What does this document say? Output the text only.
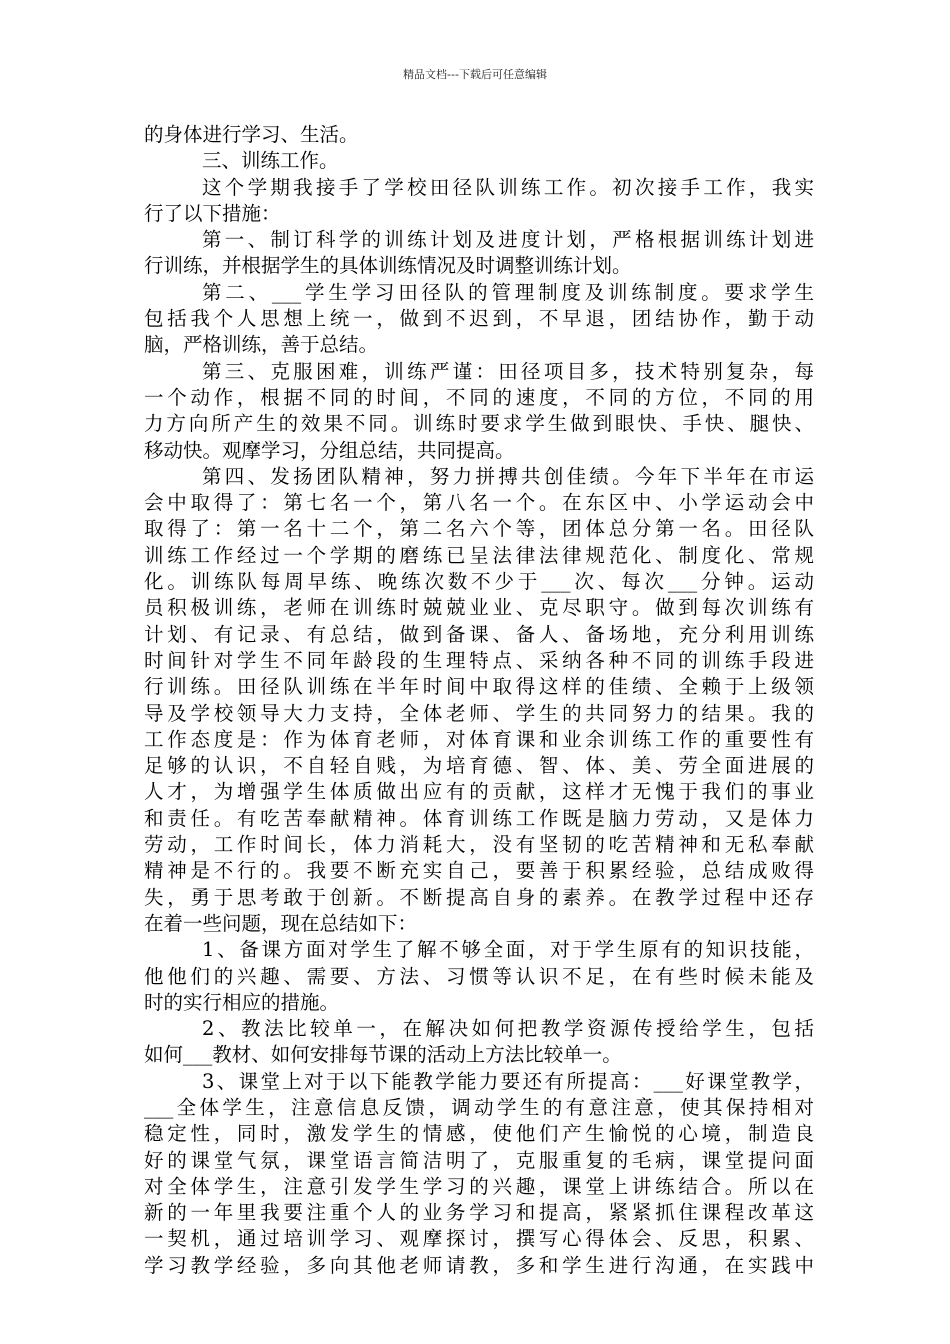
精品文档---下载后可任意编辑
的身体进行学习、生活。
三、训练工作。
这个学期我接手了学校田径队训练工作。初次接手工作，我实
行了以下措施：
第一、制订科学的训练计划及进度计划，严格根据训练计划进
行训练，并根据学生的具体训练情况及时调整训练计划。
第二、___学生学习田径队的管理制度及训练制度。要求学生
包括我个人思想上统一，做到不迟到，不早退，团结协作，勤于动
脑，严格训练，善于总结。
第三、克服困难，训练严谨：田径项目多，技术特别复杂，每
一个动作，根据不同的时间，不同的速度，不同的方位，不同的用
力方向所产生的效果不同。训练时要求学生做到眼快、手快、腿快、
移动快。观摩学习，分组总结，共同提高。
第四、发扬团队精神，努力拼搏共创佳绩。今年下半年在市运
会中取得了：第七名一个，第八名一个。在东区中、小学运动会中
取得了：第一名十二个，第二名六个等，团体总分第一名。田径队
训练工作经过一个学期的磨练已呈法律法律规范化、制度化、常规
化。训练队每周早练、晚练次数不少于___次、每次___分钟。运动
员积极训练，老师在训练时兢兢业业、克尽职守。做到每次训练有
计划、有记录、有总结，做到备课、备人、备场地，充分利用训练
时间针对学生不同年龄段的生理特点、采纳各种不同的训练手段进
行训练。田径队训练在半年时间中取得这样的佳绩、全赖于上级领
导及学校领导大力支持，全体老师、学生的共同努力的结果。我的
工作态度是：作为体育老师，对体育课和业余训练工作的重要性有
足够的认识，不自轻自贱，为培育德、智、体、美、劳全面进展的
人才，为增强学生体质做出应有的贡献，这样才无愧于我们的事业
和责任。有吃苦奉献精神。体育训练工作既是脑力劳动，又是体力
劳动，工作时间长，体力消耗大，没有坚韧的吃苦精神和无私奉献
精神是不行的。我要不断充实自己，要善于积累经验，总结成败得
失，勇于思考敢于创新。不断提高自身的素养。在教学过程中还存
在着一些问题，现在总结如下：
1、备课方面对学生了解不够全面，对于学生原有的知识技能，
他他们的兴趣、需要、方法、习惯等认识不足，在有些时候未能及
时的实行相应的措施。
2、教法比较单一，在解决如何把教学资源传授给学生，包括
如何___教材、如何安排每节课的活动上方法比较单一。
3、课堂上对于以下能教学能力要还有所提高：___好课堂教学，
___全体学生，注意信息反馈，调动学生的有意注意，使其保持相对
稳定性，同时，激发学生的情感，使他们产生愉悦的心境，制造良
好的课堂气氛，课堂语言简洁明了，克服重复的毛病，课堂提问面
对全体学生，注意引发学生学习的兴趣，课堂上讲练结合。所以在
新的一年里我要注重个人的业务学习和提高，紧紧抓住课程改革这
一契机，通过培训学习、观摩探讨，撰写心得体会、反思，积累、
学习教学经验，多向其他老师请教，多和学生进行沟通，在实践中
